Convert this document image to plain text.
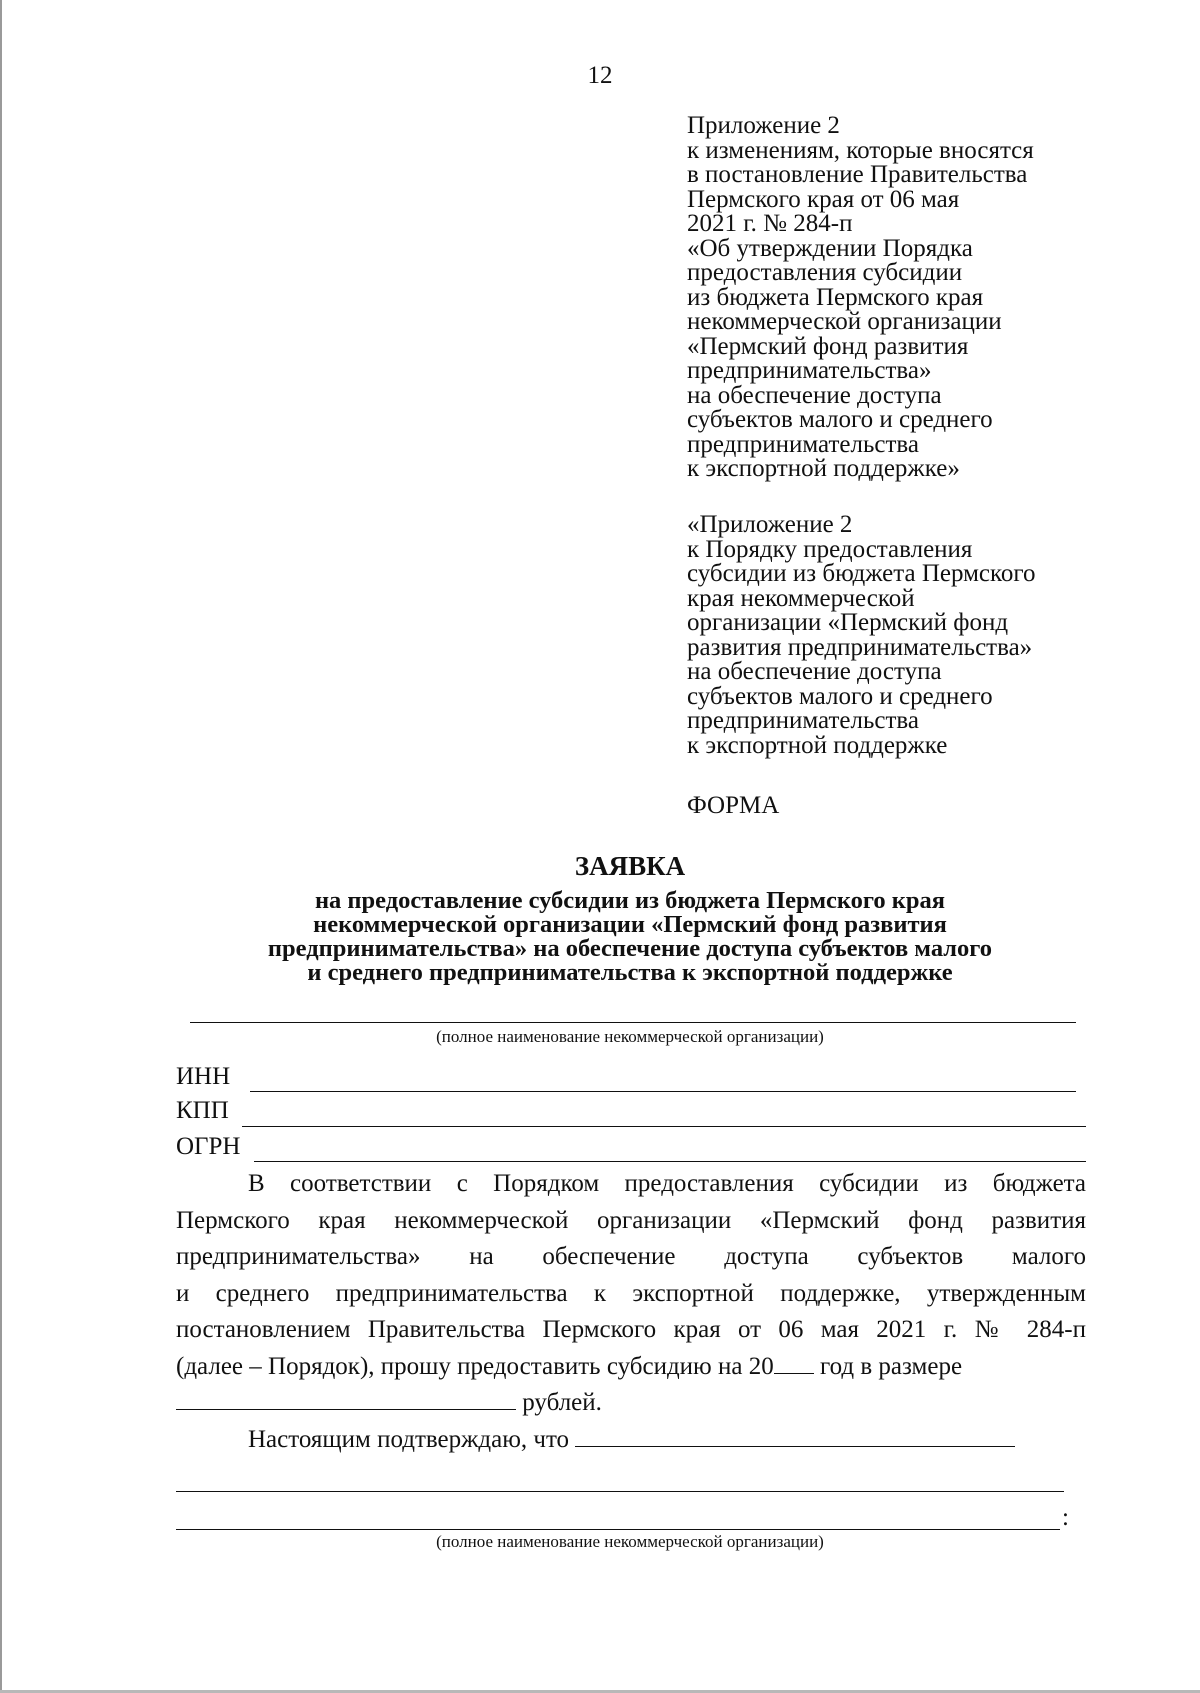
12
Приложение 2
к изменениям, которые вносятся
в постановление Правительства
Пермского края от 06 мая
2021 г. № 284-п
«Об утверждении Порядка
предоставления субсидии
из бюджета Пермского края
некоммерческой организации
«Пермский фонд развития
предпринимательства»
на обеспечение доступа
субъектов малого и среднего
предпринимательства
к экспортной поддержке»
«Приложение 2
к Порядку предоставления
субсидии из бюджета Пермского
края некоммерческой
организации «Пермский фонд
развития предпринимательства»
на обеспечение доступа
субъектов малого и среднего
предпринимательства
к экспортной поддержке
ФОРМА
ЗАЯВКА
на предоставление субсидии из бюджета Пермского края
некоммерческой организации «Пермский фонд развития
предпринимательства» на обеспечение доступа субъектов малого
и среднего предпринимательства к экспортной поддержке
(полное наименование некоммерческой организации)
ИНН
КПП
ОГРН
В соответствии с Порядком предоставления субсидии из бюджета
Пермского края некоммерческой организации «Пермский фонд развития
предпринимательства» на обеспечение доступа субъектов малого
и среднего предпринимательства к экспортной поддержке, утвержденным
постановлением Правительства Пермского края от 06 мая 2021 г. № 284-п
(далее – Порядок), прошу предоставить субсидию на 20 год в размере
рублей.
Настоящим подтверждаю, что
:
(полное наименование некоммерческой организации)
